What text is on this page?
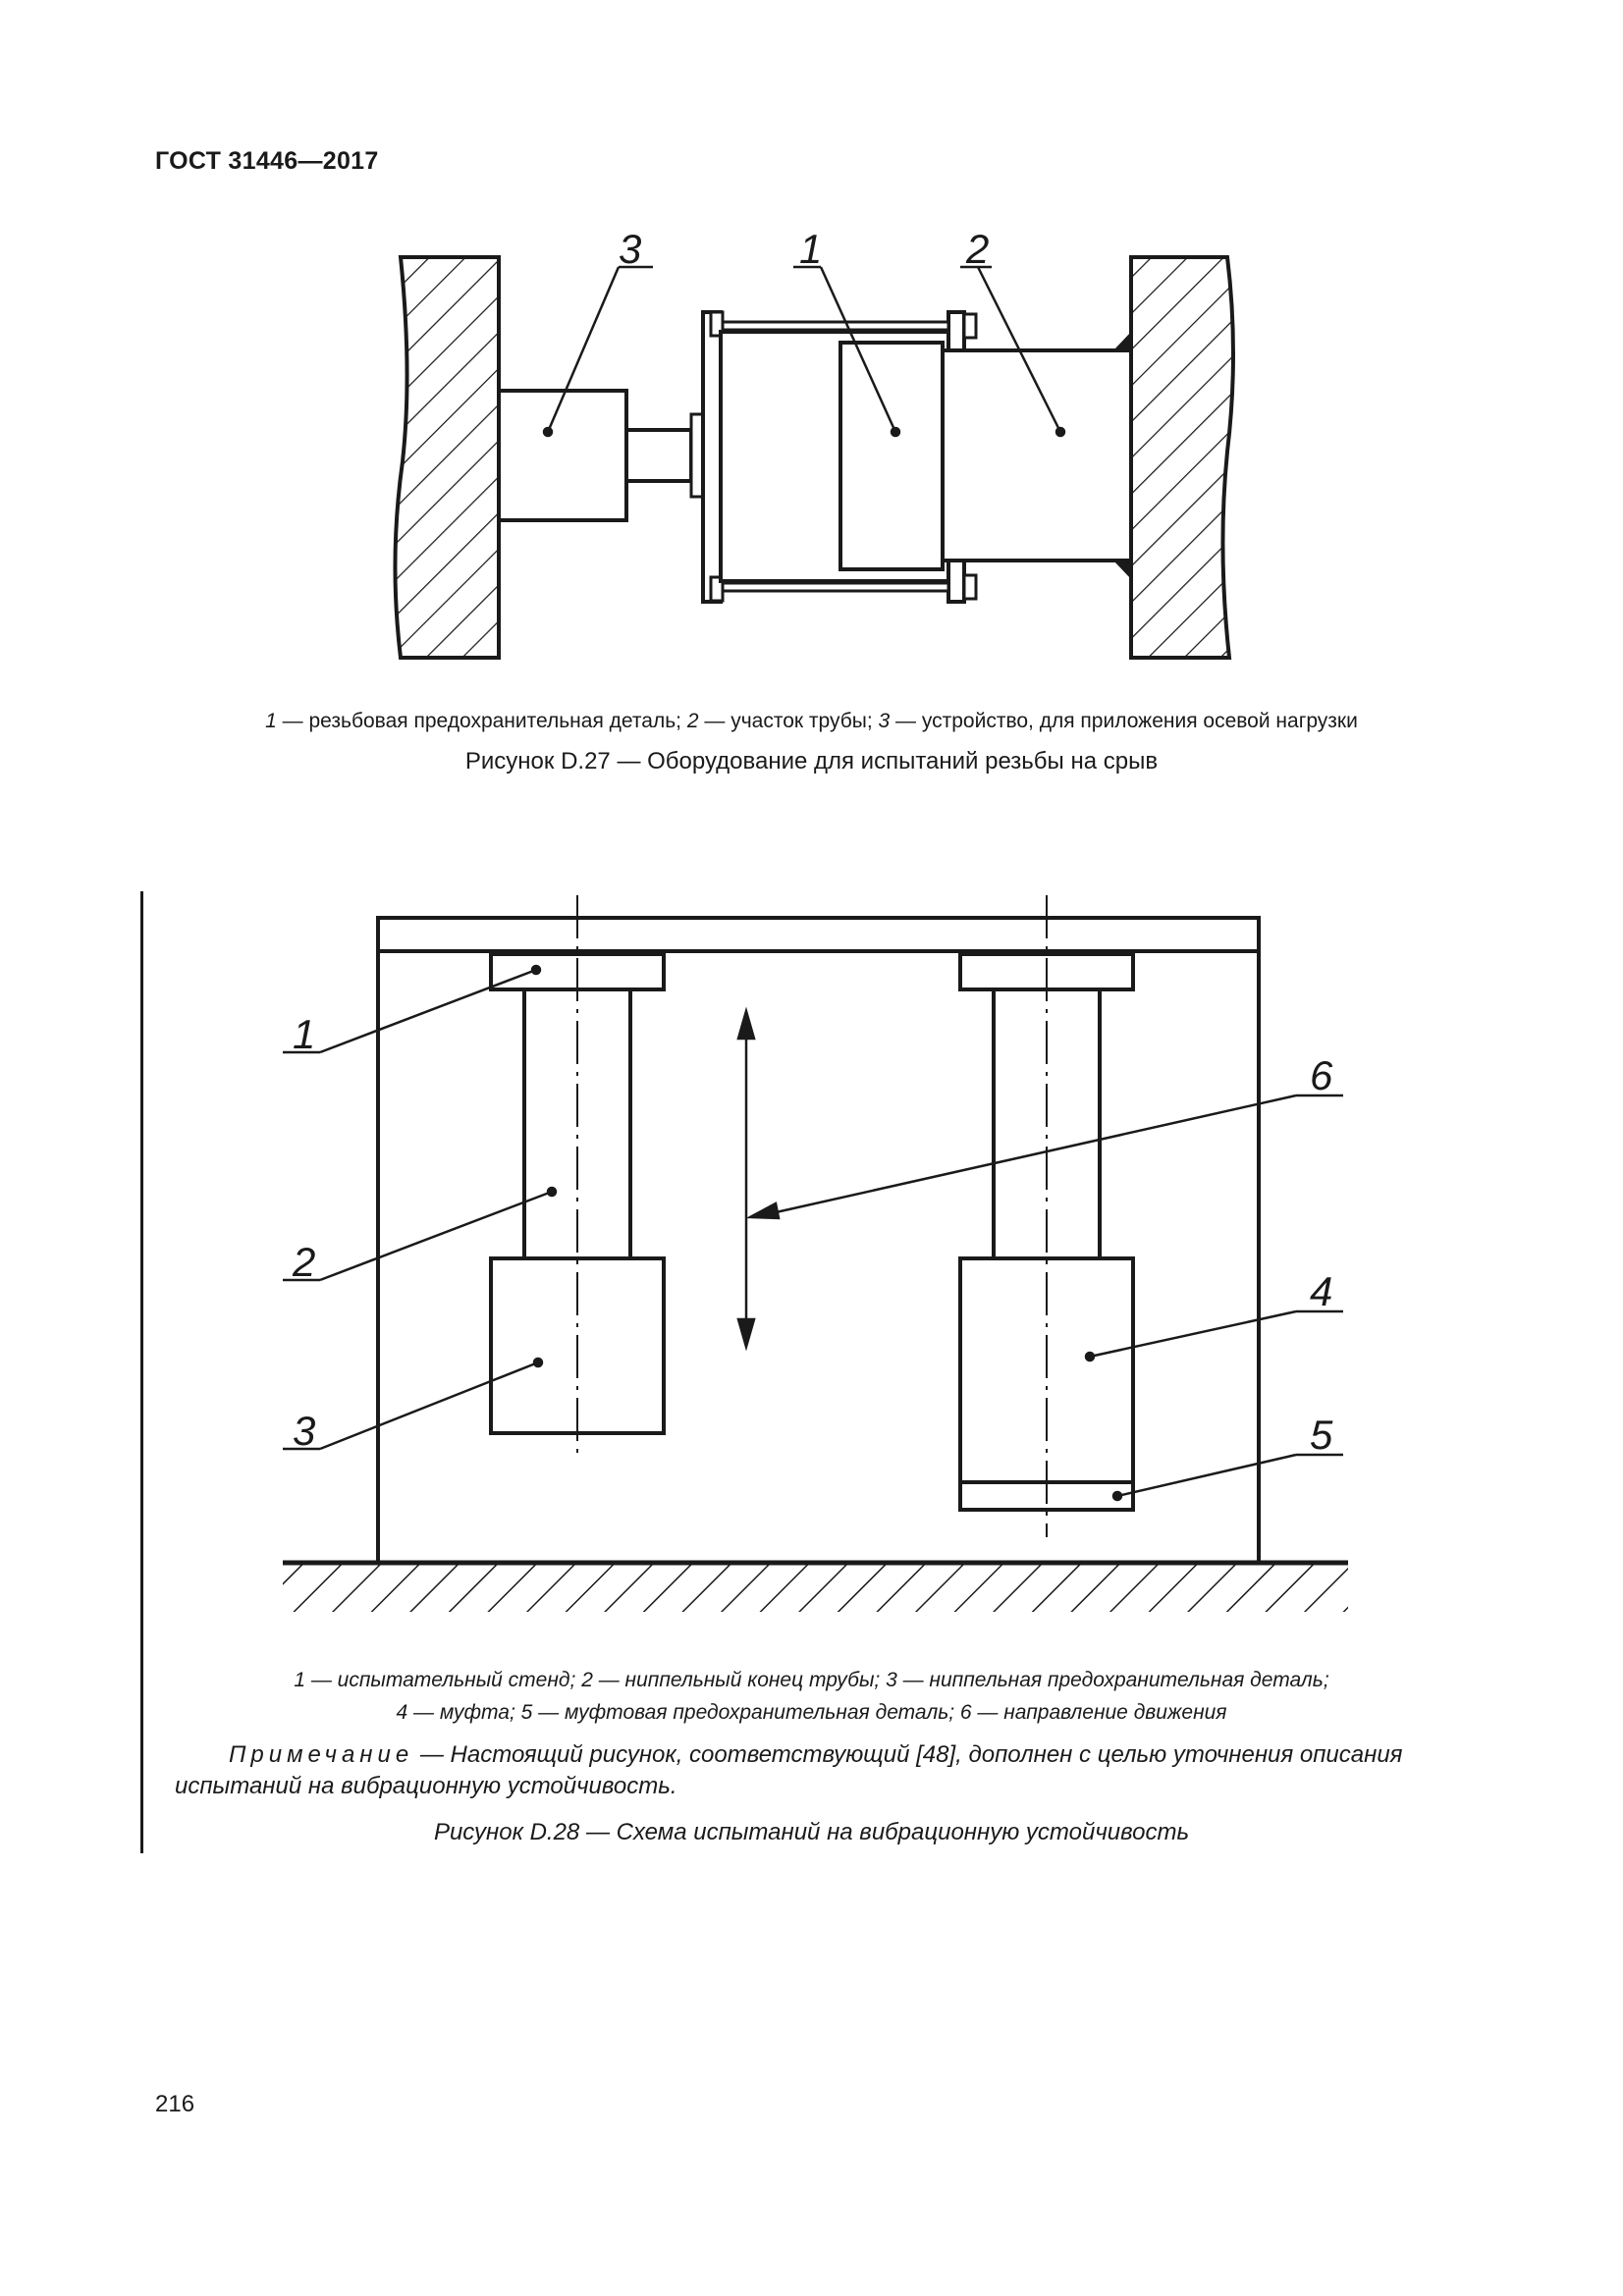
ГОСТ 31446—2017
3	1	2
1 — резьбовая предохранительная деталь; 2 — участок трубы; 3 — устройство, для приложения осевой нагрузки
Рисунок D.27 — Оборудование для испытаний резьбы на срыв
1
2
3
6
4
5
1 — испытательный стенд; 2 — ниппельный конец трубы; 3 — ниппельная предохранительная деталь;
4 — муфта; 5 — муфтовая предохранительная деталь; 6 — направление движения
Примечание — Настоящий рисунок, соответствующий [48], дополнен с целью уточнения описания испытаний на вибрационную устойчивость.
Рисунок D.28 — Схема испытаний на вибрационную устойчивость
216
